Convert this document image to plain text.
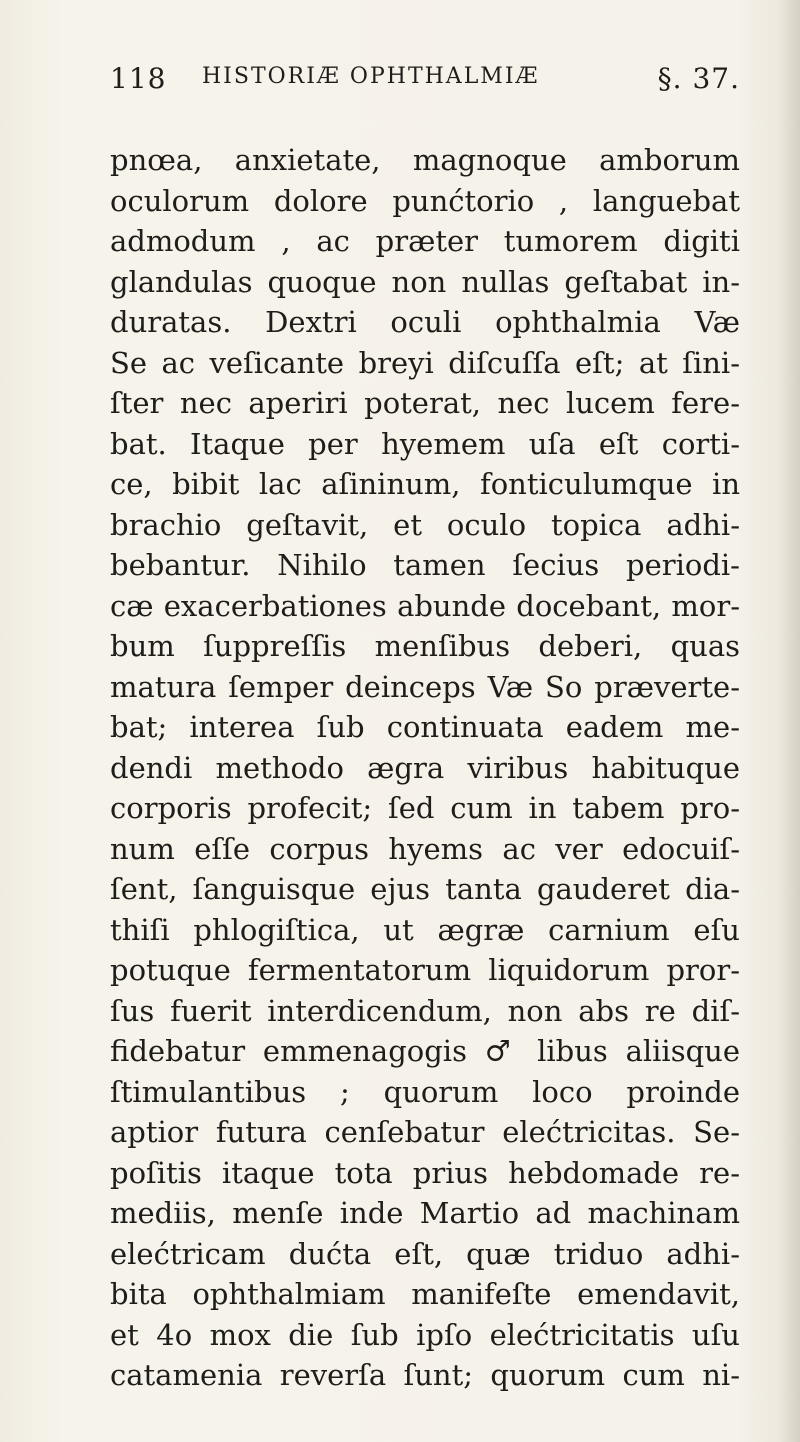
118 HISTORIÆ OPHTHALMIÆ	§. 37.
pnœa, anxietate, magnoque amborum
oculorum dolore punćtorio , languebat
admodum , ac præter tumorem digiti
glandulas quoque non nullas geſtabat in-
duratas. Dextri oculi ophthalmia Væ
Se ac veſicante breyi diſcuſſa eſt; at ſini-
ſter nec aperiri poterat, nec lucem fere-
bat. Itaque per hyemem uſa eſt corti-
ce, bibit lac aſininum, fonticulumque in
brachio geſtavit, et oculo topica adhi-
bebantur. Nihilo tamen ſecius periodi-
cæ exacerbationes abunde docebant, mor-
bum ſuppreſſis menſibus deberi, quas
matura ſemper deinceps Væ So præverte-
bat; interea ſub continuata eadem me-
dendi methodo ægra viribus habituque
corporis profecit; ſed cum in tabem pro-
num eſſe corpus hyems ac ver edocuiſ-
ſent, ſanguisque ejus tanta gauderet dia-
thiſi phlogiſtica, ut ægræ carnium eſu
potuque fermentatorum liquidorum pror-
ſus fuerit interdicendum, non abs re diſ-
fidebatur emmenagogis ♂ libus aliisque
ſtimulantibus ; quorum loco proinde
aptior futura cenſebatur elećtricitas. Se-
poſitis itaque tota prius hebdomade re-
mediis, menſe inde Martio ad machinam
elećtricam dućta eſt, quæ triduo adhi-
bita ophthalmiam manifeſte emendavit,
et 4o mox die ſub ipſo elećtricitatis uſu
catamenia reverſa ſunt; quorum cum ni-
